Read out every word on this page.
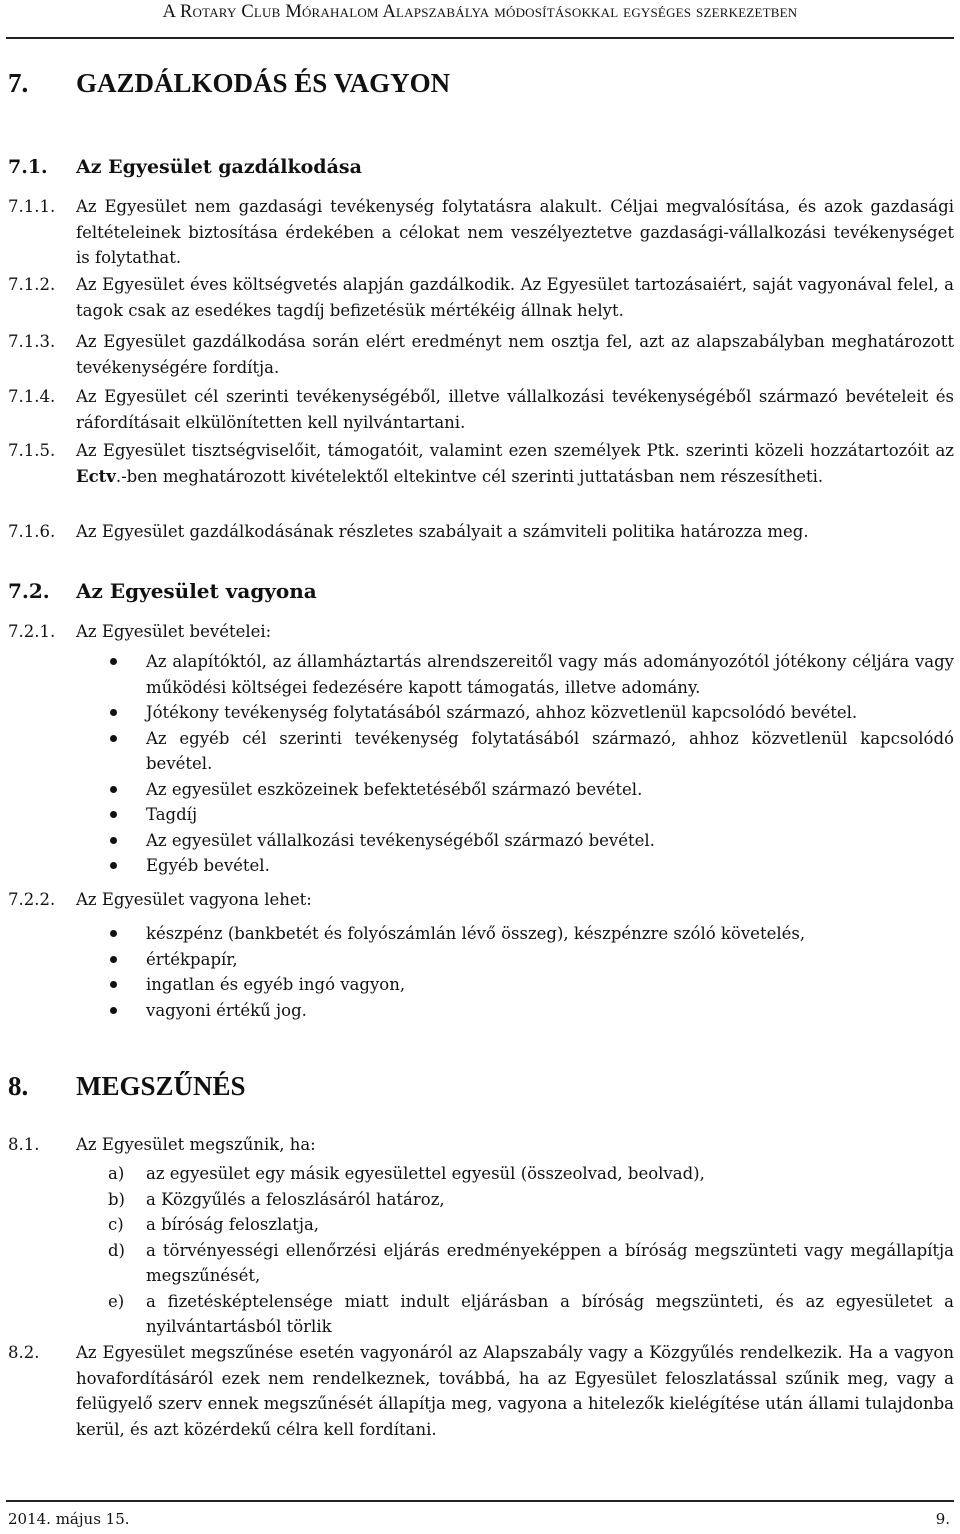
A Rotary Club Mórahalom Alapszabálya módosításokkal egységes szerkezetben
7. GAZDÁLKODÁS ÉS VAGYON
7.1. Az Egyesület gazdálkodása
7.1.1. Az Egyesület nem gazdasági tevékenység folytatásra alakult. Céljai megvalósítása, és azok gazdasági feltételeinek biztosítása érdekében a célokat nem veszélyeztetve gazdasági-vállalkozási tevékenységet is folytathat.
7.1.2. Az Egyesület éves költségvetés alapján gazdálkodik. Az Egyesület tartozásaiért, saját vagyonával felel, a tagok csak az esedékes tagdíj befizetésük mértékéig állnak helyt.
7.1.3. Az Egyesület gazdálkodása során elért eredményt nem osztja fel, azt az alapszabályban meghatározott tevékenységére fordítja.
7.1.4. Az Egyesület cél szerinti tevékenységéből, illetve vállalkozási tevékenységéből származó bevételeit és ráfordításait elkülönítetten kell nyilvántartani.
7.1.5. Az Egyesület tisztségviselőit, támogatóit, valamint ezen személyek Ptk. szerinti közeli hozzátartozóit az Ectv.-ben meghatározott kivételektől eltekintve cél szerinti juttatásban nem részesítheti.
7.1.6. Az Egyesület gazdálkodásának részletes szabályait a számviteli politika határozza meg.
7.2. Az Egyesület vagyona
7.2.1. Az Egyesület bevételei:
Az alapítóktól, az államháztartás alrendszereitől vagy más adományozótól jótékony céljára vagy működési költségei fedezésére kapott támogatás, illetve adomány.
Jótékony tevékenység folytatásából származó, ahhoz közvetlenül kapcsolódó bevétel.
Az egyéb cél szerinti tevékenység folytatásából származó, ahhoz közvetlenül kapcsolódó bevétel.
Az egyesület eszközeinek befektetéséből származó bevétel.
Tagdíj
Az egyesület vállalkozási tevékenységéből származó bevétel.
Egyéb bevétel.
7.2.2. Az Egyesület vagyona lehet:
készpénz (bankbetét és folyószámlán lévő összeg), készpénzre szóló követelés,
értékpapír,
ingatlan és egyéb ingó vagyon,
vagyoni értékű jog.
8. MEGSZŰNÉS
8.1. Az Egyesület megszűnik, ha:
a) az egyesület egy másik egyesülettel egyesül (összeolvad, beolvad),
b) a Közgyűlés a feloszlásáról határoz,
c) a bíróság feloszlatja,
d) a törvényességi ellenőrzési eljárás eredményeképpen a bíróság megszünteti vagy megállapítja megszűnését,
e) a fizetésképtelensége miatt indult eljárásban a bíróság megszünteti, és az egyesületet a nyilvántartásból törlik
8.2. Az Egyesület megszűnése esetén vagyonáról az Alapszabály vagy a Közgyűlés rendelkezik. Ha a vagyon hovafordításáról ezek nem rendelkeznek, továbbá, ha az Egyesület feloszlatással szűnik meg, vagy a felügyelő szerv ennek megszűnését állapítja meg, vagyona a hitelezők kielégítése után állami tulajdonba kerül, és azt közérdekű célra kell fordítani.
2014. május 15.	9.
